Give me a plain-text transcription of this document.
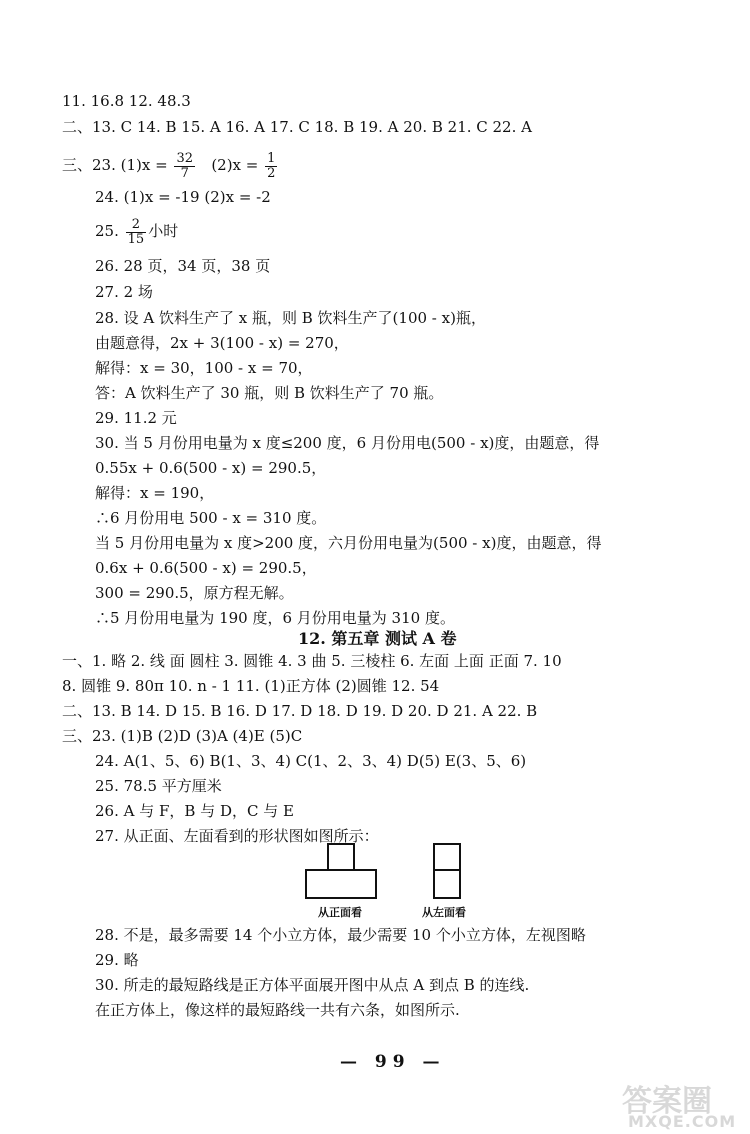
11. 16.8 12. 48.3
二、13. C 14. B 15. A 16. A 17. C 18. B 19. A 20. B 21. C 22. A
三、23. $(1)x = \frac{32}{7} (2)x = \frac{1}{2}$
24. (1)x = -19 (2)x = -2
25. $\frac{2}{15}$ 小时
26. 28 页，34 页，38 页
27. 2 场
28. 设 A 饮料生产了 x 瓶，则 B 饮料生产了(100 - x)瓶，
由题意得，2x + 3(100 - x) = 270，
解得：x = 30，100 - x = 70，
答：A 饮料生产了 30 瓶，则 B 饮料生产了 70 瓶。
29. 11.2 元
30. 当 5 月份用电量为 x 度≤200 度，6 月份用电(500 - x)度，由题意，得
0.55x + 0.6(500 - x) = 290.5，
解得：x = 190，
∴6 月份用电 500 - x = 310 度。
当 5 月份用电量为 x 度>200 度，六月份用电量为(500 - x)度，由题意，得
0.6x + 0.6(500 - x) = 290.5，
300 = 290.5，原方程无解。
∴5 月份用电量为 190 度，6 月份用电量为 310 度。
12. 第五章 测试 A 卷
一、1. 略 2. 线 面 圆柱 3. 圆锥 4. 3 曲 5. 三棱柱 6. 左面 上面 正面 7. 10
8. 圆锥 9. 80π 10. n - 1 11. (1)正方体 (2)圆锥 12. 54
二、13. B 14. D 15. B 16. D 17. D 18. D 19. D 20. D 21. A 22. B
三、23. (1)B (2)D (3)A (4)E (5)C
24. A(1、5、6) B(1、3、4) C(1、2、3、4) D(5) E(3、5、6)
25. 78.5 平方厘米
26. A 与 F，B 与 D，C 与 E
27. 从正面、左面看到的形状图如图所示：
从正面看	从左面看
28. 不是，最多需要 14 个小立方体，最少需要 10 个小立方体，左视图略
29. 略
30. 所走的最短路线是正方体平面展开图中从点 A 到点 B 的连线.
在正方体上，像这样的最短路线一共有六条，如图所示.
— 99 —
答案圈
MXQE.COM
